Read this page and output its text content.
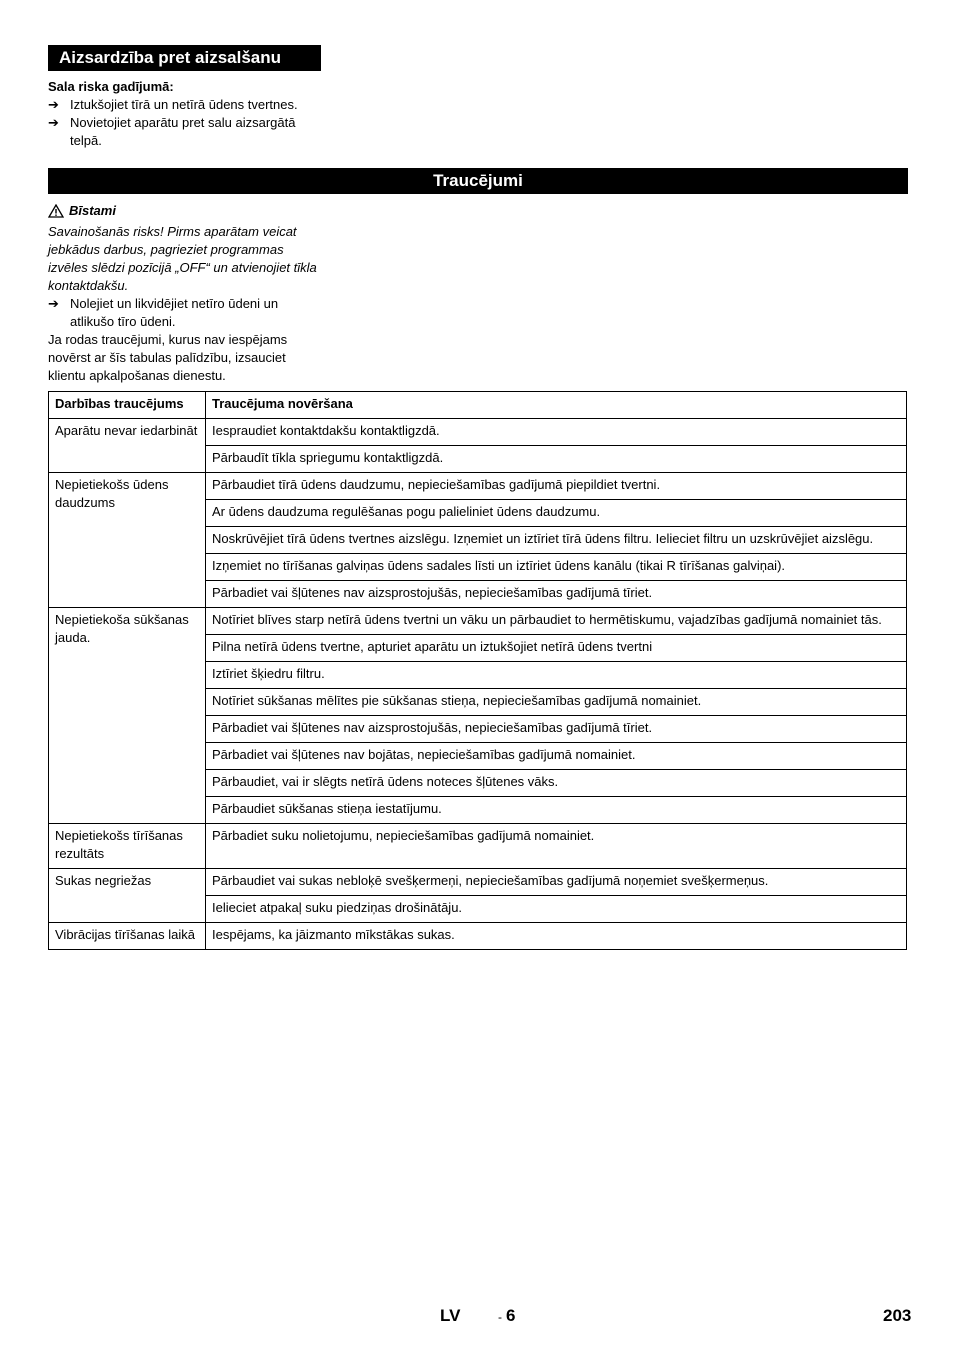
Aizsardzība pret aizsalšanu
Sala riska gadījumā:
➔ Iztukšojiet tīrā un netīrā ūdens tvertnes.
➔ Novietojiet aparātu pret salu aizsargātā telpā.
Traucējumi
Bīstami
Savainošanās risks! Pirms aparātam veicat jebkādus darbus, pagrieziet programmas izvēles slēdzi pozīcijā „OFF“ un atvienojiet tīkla kontaktdakšu.
➔ Nolejiet un likvidējiet netīro ūdeni un atlikušo tīro ūdeni.
Ja rodas traucējumi, kurus nav iespējams novērst ar šīs tabulas palīdzību, izsauciet klientu apkalpošanas dienestu.
Darbības traucējums	Traucējuma novēršana
Aparātu nevar iedarbināt	Iespraudiet kontaktdakšu kontaktligzdā.
	Pārbaudīt tīkla spriegumu kontaktligzdā.
Nepietiekošs ūdens daudzums	Pārbaudiet tīrā ūdens daudzumu, nepieciešamības gadījumā piepildiet tvertni.
	Ar ūdens daudzuma regulēšanas pogu palieliniet ūdens daudzumu.
	Noskrūvējiet tīrā ūdens tvertnes aizslēgu. Izņemiet un iztīriet tīrā ūdens filtru. Ielieciet filtru un uzskrūvējiet aizslēgu.
	Izņemiet no tīrīšanas galviņas ūdens sadales līsti un iztīriet ūdens kanālu (tikai R tīrīšanas galviņai).
	Pārbadiet vai šļūtenes nav aizsprostojušās, nepieciešamības gadījumā tīriet.
Nepietiekoša sūkšanas jauda.	Notīriet blīves starp netīrā ūdens tvertni un vāku un pārbaudiet to hermētiskumu, vajadzības gadījumā nomainiet tās.
	Pilna netīrā ūdens tvertne, apturiet aparātu un iztukšojiet netīrā ūdens tvertni
	Iztīriet šķiedru filtru.
	Notīriet sūkšanas mēlītes pie sūkšanas stieņa, nepieciešamības gadījumā nomainiet.
	Pārbadiet vai šļūtenes nav aizsprostojušās, nepieciešamības gadījumā tīriet.
	Pārbadiet vai šļūtenes nav bojātas, nepieciešamības gadījumā nomainiet.
	Pārbaudiet, vai ir slēgts netīrā ūdens noteces šļūtenes vāks.
	Pārbaudiet sūkšanas stieņa iestatījumu.
Nepietiekošs tīrīšanas rezultāts	Pārbadiet suku nolietojumu, nepieciešamības gadījumā nomainiet.
Sukas negriežas	Pārbaudiet vai sukas nebloķē svešķermeņi, nepieciešamības gadījumā noņemiet svešķermeņus.
	Ielieciet atpakaļ suku piedziņas drošinātāju.
Vibrācijas tīrīšanas laikā	Iespējams, ka jāizmanto mīkstākas sukas.
LV	- 6	203
